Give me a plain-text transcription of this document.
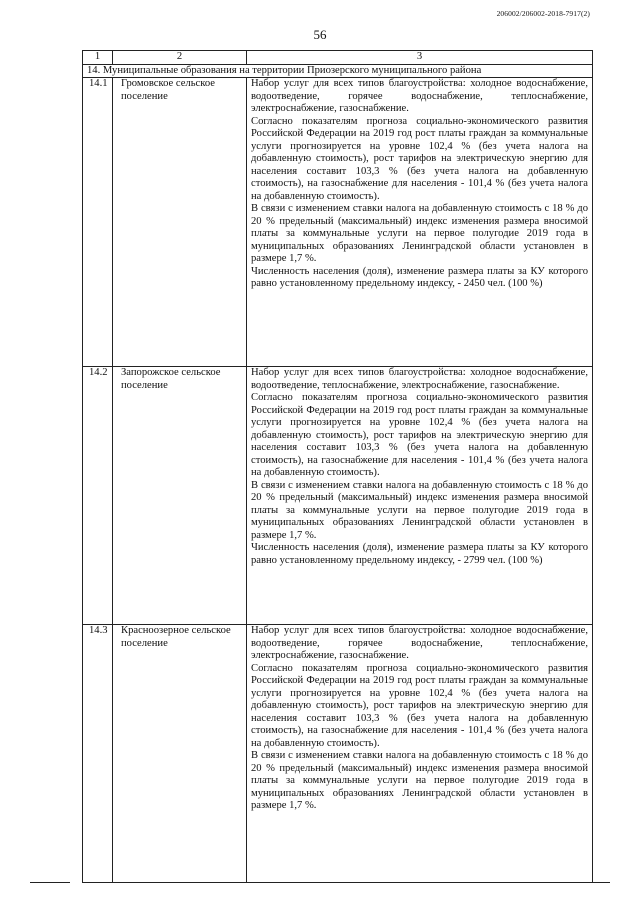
206002/206002-2018-7917(2)
56
1	2	3
14. Муниципальные образования на территории Приозерского муниципального района		
14.1	Громовское сельское поселение	Набор услуг для всех типов благоустройства: холодное водоснабжение, водоотведение, горячее водоснабжение, теплоснабжение, электроснабжение, газоснабжение.

Согласно показателям прогноза социально-экономического развития Российской Федерации на 2019 год рост платы граждан за коммунальные услуги прогнозируется на уровне 102,4 % (без учета налога на добавленную стоимость), рост тарифов на электрическую энергию для населения составит 103,3 % (без учета налога на добавленную стоимость), на газоснабжение для населения - 101,4 % (без учета налога на добавленную стоимость).

В связи с изменением ставки налога на добавленную стоимость с 18 % до 20 % предельный (максимальный) индекс изменения размера вносимой платы за коммунальные услуги на первое полугодие 2019 года в муниципальных образованиях Ленинградской области установлен в размере 1,7 %.

Численность населения (доля), изменение размера платы за КУ которого равно установленному предельному индексу, - 2450 чел. (100 %)

14.2	Запорожское сельское поселение	Набор услуг для всех типов благоустройства: холодное водоснабжение, водоотведение, теплоснабжение, электроснабжение, газоснабжение.

Согласно показателям прогноза социально-экономического развития Российской Федерации на 2019 год рост платы граждан за коммунальные услуги прогнозируется на уровне 102,4 % (без учета налога на добавленную стоимость), рост тарифов на электрическую энергию для населения составит 103,3 % (без учета налога на добавленную стоимость), на газоснабжение для населения - 101,4 % (без учета налога на добавленную стоимость).

В связи с изменением ставки налога на добавленную стоимость с 18 % до 20 % предельный (максимальный) индекс изменения размера вносимой платы за коммунальные услуги на первое полугодие 2019 года в муниципальных образованиях Ленинградской области установлен в размере 1,7 %.

Численность населения (доля), изменение размера платы за КУ которого равно установленному предельному индексу, - 2799 чел. (100 %)

14.3	Красноозерное сельское поселение	Набор услуг для всех типов благоустройства: холодное водоснабжение, водоотведение, горячее водоснабжение, теплоснабжение, электроснабжение, газоснабжение.

Согласно показателям прогноза социально-экономического развития Российской Федерации на 2019 год рост платы граждан за коммунальные услуги прогнозируется на уровне 102,4 % (без учета налога на добавленную стоимость), рост тарифов на электрическую энергию для населения составит 103,3 % (без учета налога на добавленную стоимость), на газоснабжение для населения - 101,4 % (без учета налога на добавленную стоимость).

В связи с изменением ставки налога на добавленную стоимость с 18 % до 20 % предельный (максимальный) индекс изменения размера вносимой платы за коммунальные услуги на первое полугодие 2019 года в муниципальных образованиях Ленинградской области установлен в размере 1,7 %.
